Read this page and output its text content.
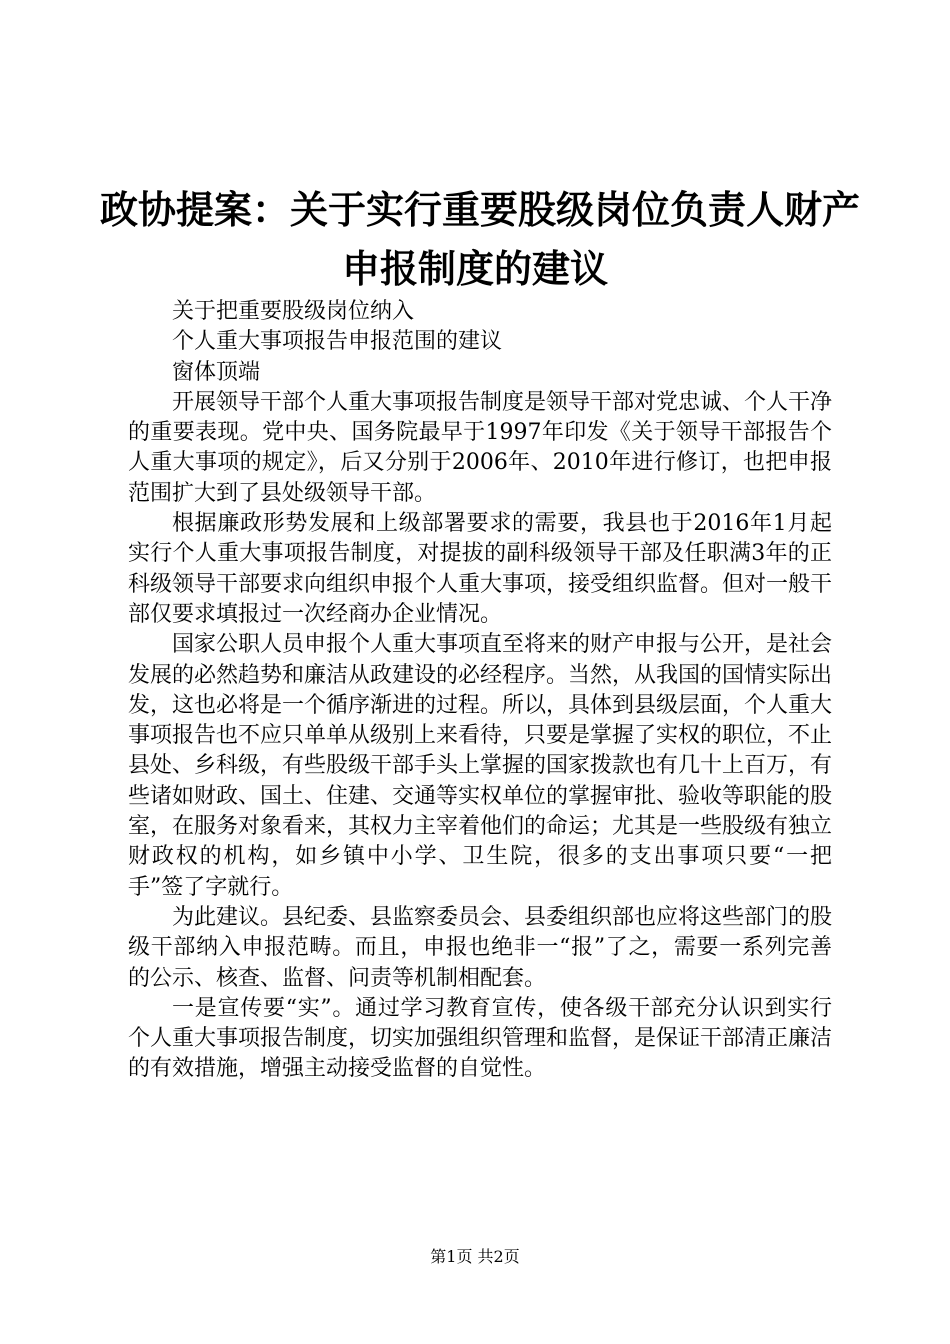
政协提案：关于实行重要股级岗位负责人财产
申报制度的建议

关于把重要股级岗位纳入

个人重大事项报告申报范围的建议

窗体顶端

开展领导干部个人重大事项报告制度是领导干部对党忠诚、个人干净的重要表现。党中央、国务院最早于1997年印发《关于领导干部报告个人重大事项的规定》，后又分别于2006年、2010年进行修订，也把申报范围扩大到了县处级领导干部。

根据廉政形势发展和上级部署要求的需要，我县也于2016年1月起实行个人重大事项报告制度，对提拔的副科级领导干部及任职满3年的正科级领导干部要求向组织申报个人重大事项，接受组织监督。但对一般干部仅要求填报过一次经商办企业情况。

国家公职人员申报个人重大事项直至将来的财产申报与公开，是社会发展的必然趋势和廉洁从政建设的必经程序。当然，从我国的国情实际出发，这也必将是一个循序渐进的过程。所以，具体到县级层面，个人重大事项报告也不应只单单从级别上来看待，只要是掌握了实权的职位，不止县处、乡科级，有些股级干部手头上掌握的国家拨款也有几十上百万，有些诸如财政、国土、住建、交通等实权单位的掌握审批、验收等职能的股室，在服务对象看来，其权力主宰着他们的命运；尤其是一些股级有独立财政权的机构，如乡镇中小学、卫生院，很多的支出事项只要“一把手”签了字就行。

为此建议。县纪委、县监察委员会、县委组织部也应将这些部门的股级干部纳入申报范畴。而且，申报也绝非一“报”了之，需要一系列完善的公示、核查、监督、问责等机制相配套。

一是宣传要“实”。通过学习教育宣传，使各级干部充分认识到实行个人重大事项报告制度，切实加强组织管理和监督，是保证干部清正廉洁的有效措施，增强主动接受监督的自觉性。

第1页 共2页
